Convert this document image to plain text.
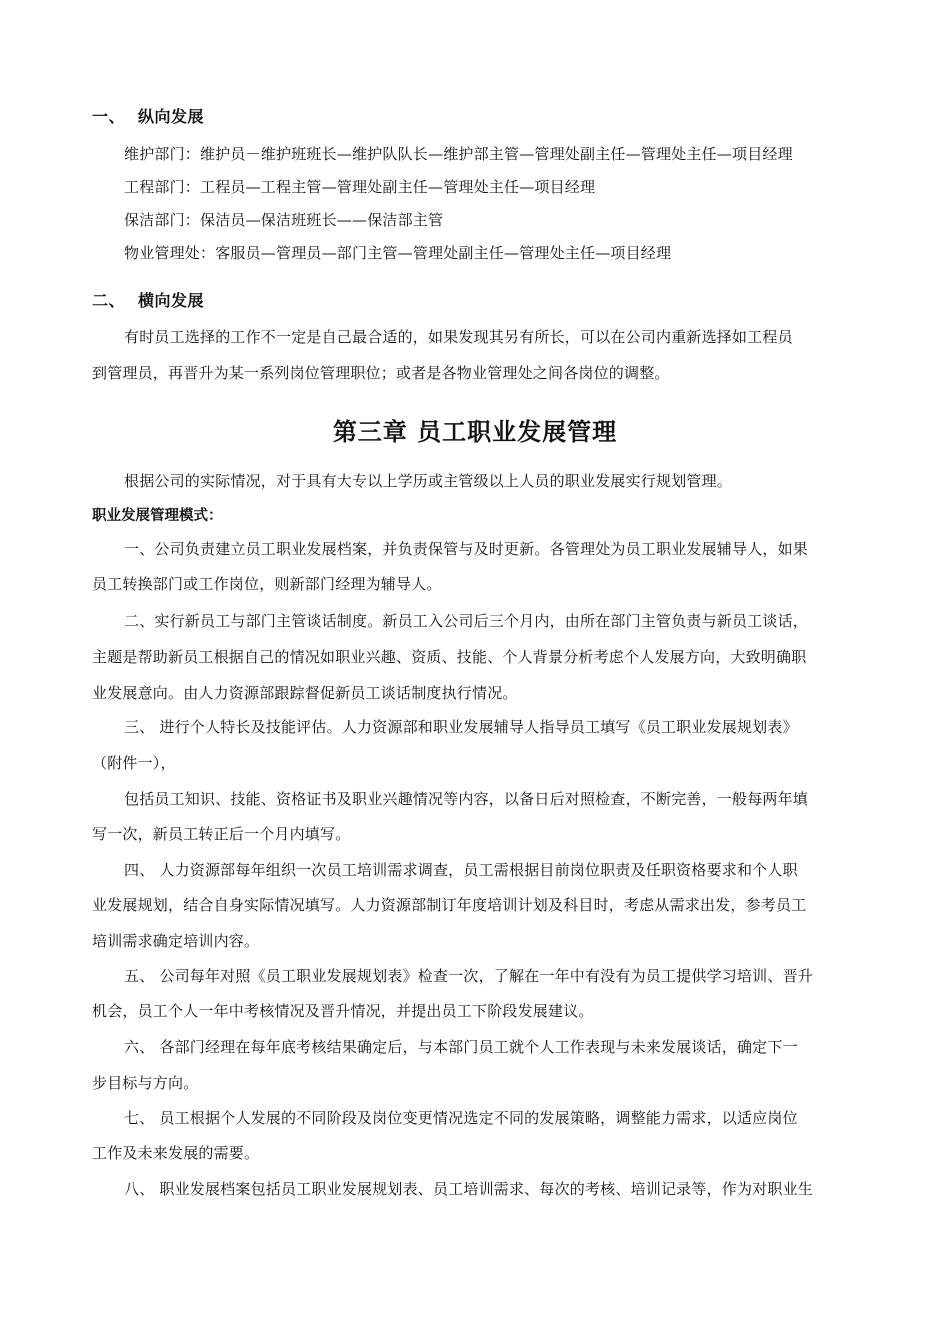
一、 纵向发展
维护部门：维护员－维护班班长—维护队队长—维护部主管—管理处副主任—管理处主任—项目经理
工程部门：工程员—工程主管—管理处副主任—管理处主任—项目经理
保洁部门：保洁员—保洁班班长——保洁部主管
物业管理处：客服员—管理员—部门主管—管理处副主任—管理处主任—项目经理
二、 横向发展
有时员工选择的工作不一定是自己最合适的，如果发现其另有所长，可以在公司内重新选择如工程员
到管理员，再晋升为某一系列岗位管理职位；或者是各物业管理处之间各岗位的调整。
第三章 员工职业发展管理
根据公司的实际情况，对于具有大专以上学历或主管级以上人员的职业发展实行规划管理。
职业发展管理模式：
一、公司负责建立员工职业发展档案，并负责保管与及时更新。各管理处为员工职业发展辅导人，如果
员工转换部门或工作岗位，则新部门经理为辅导人。
二、实行新员工与部门主管谈话制度。新员工入公司后三个月内，由所在部门主管负责与新员工谈话，
主题是帮助新员工根据自己的情况如职业兴趣、资质、技能、个人背景分析考虑个人发展方向，大致明确职
业发展意向。由人力资源部跟踪督促新员工谈话制度执行情况。
三、 进行个人特长及技能评估。人力资源部和职业发展辅导人指导员工填写《员工职业发展规划表》
（附件一），
包括员工知识、技能、资格证书及职业兴趣情况等内容，以备日后对照检查，不断完善，一般每两年填
写一次，新员工转正后一个月内填写。
四、 人力资源部每年组织一次员工培训需求调查，员工需根据目前岗位职责及任职资格要求和个人职
业发展规划，结合自身实际情况填写。人力资源部制订年度培训计划及科目时，考虑从需求出发，参考员工
培训需求确定培训内容。
五、 公司每年对照《员工职业发展规划表》检查一次，了解在一年中有没有为员工提供学习培训、晋升
机会，员工个人一年中考核情况及晋升情况，并提出员工下阶段发展建议。
六、 各部门经理在每年底考核结果确定后，与本部门员工就个人工作表现与未来发展谈话，确定下一
步目标与方向。
七、 员工根据个人发展的不同阶段及岗位变更情况选定不同的发展策略，调整能力需求，以适应岗位
工作及未来发展的需要。
八、 职业发展档案包括员工职业发展规划表、员工培训需求、每次的考核、培训记录等，作为对职业生
